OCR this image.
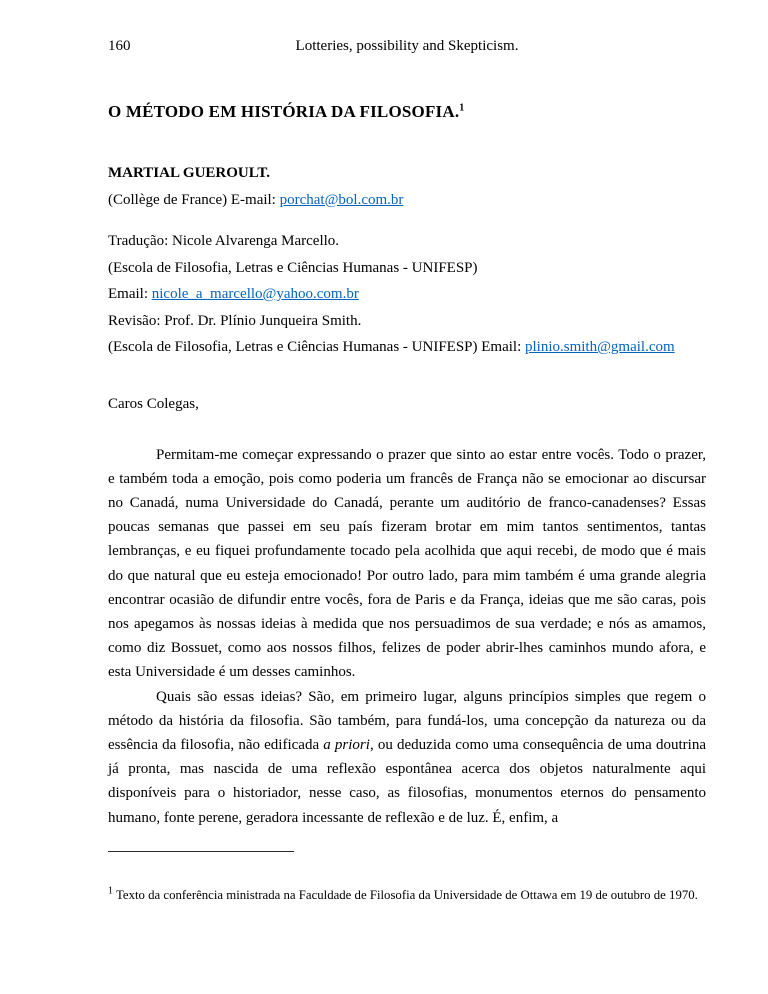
160	Lotteries, possibility and Skepticism.
O MÉTODO EM HISTÓRIA DA FILOSOFIA.$^1$

MARTIAL GUEROULT.

(Collège de France) E-mail: porchat@bol.com.br

Tradução: Nicole Alvarenga Marcello.

(Escola de Filosofia, Letras e Ciências Humanas - UNIFESP)

Email: nicole_a_marcello@yahoo.com.br

Revisão: Prof. Dr. Plínio Junqueira Smith.

(Escola de Filosofia, Letras e Ciências Humanas - UNIFESP) Email: plinio.smith@gmail.com

Caros Colegas,

Permitam-me começar expressando o prazer que sinto ao estar entre vocês. Todo o prazer, e também toda a emoção, pois como poderia um francês de França não se emocionar ao discursar no Canadá, numa Universidade do Canadá, perante um auditório de franco-canadenses? Essas poucas semanas que passei em seu país fizeram brotar em mim tantos sentimentos, tantas lembranças, e eu fiquei profundamente tocado pela acolhida que aqui recebi, de modo que é mais do que natural que eu esteja emocionado! Por outro lado, para mim também é uma grande alegria encontrar ocasião de difundir entre vocês, fora de Paris e da França, ideias que me são caras, pois nos apegamos às nossas ideias à medida que nos persuadimos de sua verdade; e nós as amamos, como diz Bossuet, como aos nossos filhos, felizes de poder abrir-lhes caminhos mundo afora, e esta Universidade é um desses caminhos.

Quais são essas ideias? São, em primeiro lugar, alguns princípios simples que regem o método da história da filosofia. São também, para fundá-los, uma concepção da natureza ou da essência da filosofia, não edificada a priori, ou deduzida como uma consequência de uma doutrina já pronta, mas nascida de uma reflexão espontânea acerca dos objetos naturalmente aqui disponíveis para o historiador, nesse caso, as filosofias, monumentos eternos do pensamento humano, fonte perene, geradora incessante de reflexão e de luz. É, enfim, a

$^1$ Texto da conferência ministrada na Faculdade de Filosofia da Universidade de Ottawa em 19 de outubro de 1970.
